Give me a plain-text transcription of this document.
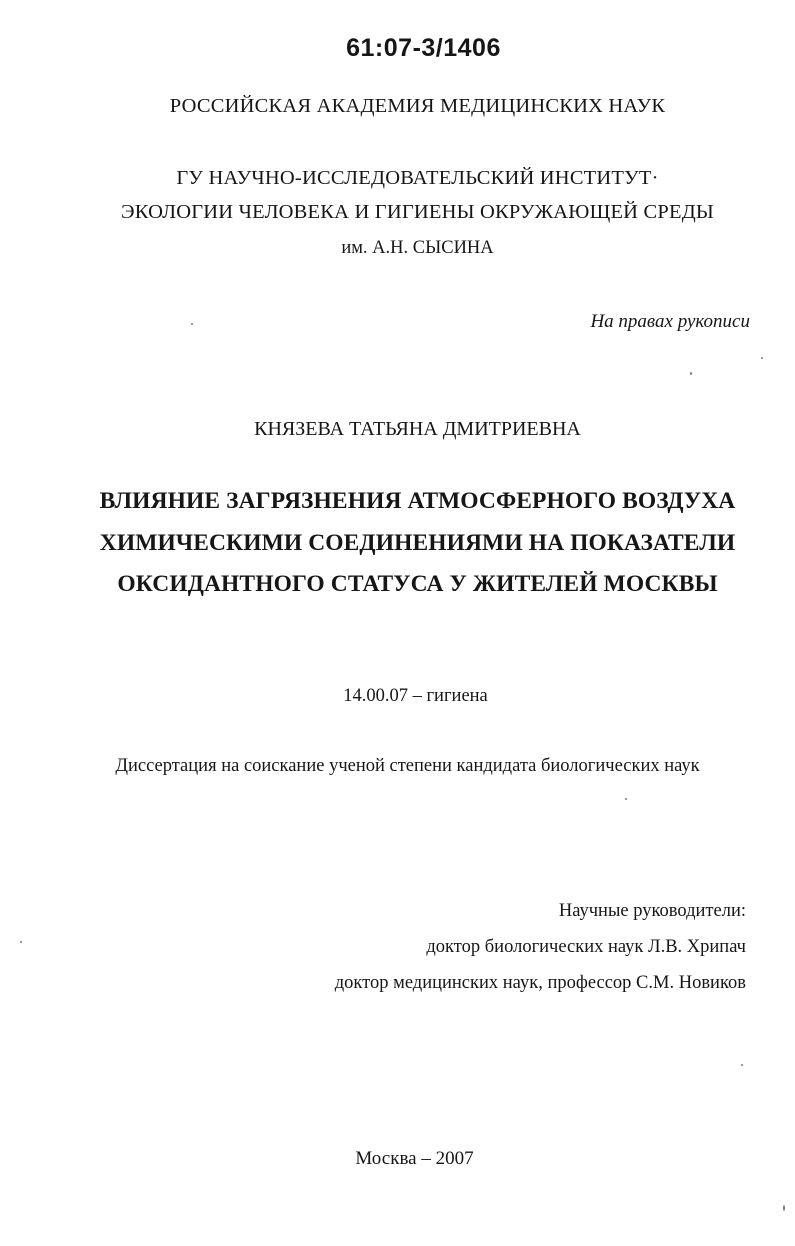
61:07-3/1406
РОССИЙСКАЯ АКАДЕМИЯ МЕДИЦИНСКИХ НАУК
ГУ НАУЧНО-ИССЛЕДОВАТЕЛЬСКИЙ ИНСТИТУТ·
ЭКОЛОГИИ ЧЕЛОВЕКА И ГИГИЕНЫ ОКРУЖАЮЩЕЙ СРЕДЫ
им. А.Н. СЫСИНА
На правах рукописи
КНЯЗЕВА ТАТЬЯНА ДМИТРИЕВНА
ВЛИЯНИЕ ЗАГРЯЗНЕНИЯ АТМОСФЕРНОГО ВОЗДУХА
ХИМИЧЕСКИМИ СОЕДИНЕНИЯМИ НА ПОКАЗАТЕЛИ
ОКСИДАНТНОГО СТАТУСА У ЖИТЕЛЕЙ МОСКВЫ
14.00.07 – гигиена
Диссертация на соискание ученой степени кандидата биологических наук
Научные руководители:
доктор биологических наук Л.В. Хрипач
доктор медицинских наук, профессор С.М. Новиков
Москва – 2007
